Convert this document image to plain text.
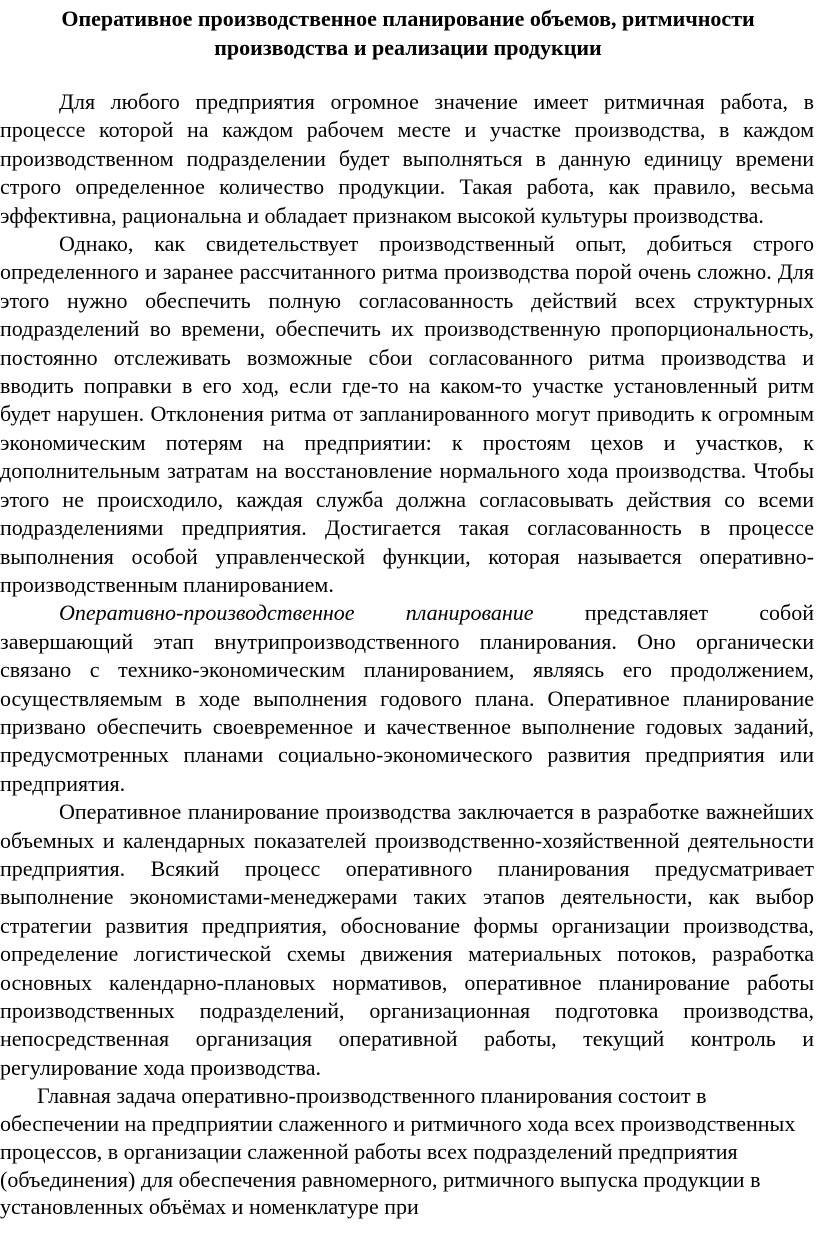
Оперативное производственное планирование объемов, ритмичности производства и реализации продукции

Для любого предприятия огромное значение имеет ритмичная работа, в процессе которой на каждом рабочем месте и участке производства, в каждом производственном подразделении будет выполняться в данную единицу времени строго определенное количество продукции. Такая работа, как правило, весьма эффективна, рациональна и обладает признаком высокой культуры производства.

Однако, как свидетельствует производственный опыт, добиться строго определенного и заранее рассчитанного ритма производства порой очень сложно. Для этого нужно обеспечить полную согласованность действий всех структурных подразделений во времени, обеспечить их производственную пропорциональность, постоянно отслеживать возможные сбои согласованного ритма производства и вводить поправки в его ход, если где-то на каком-то участке установленный ритм будет нарушен. Отклонения ритма от запланированного могут приводить к огромным экономическим потерям на предприятии: к простоям цехов и участков, к дополнительным затратам на восстановление нормального хода производства. Чтобы этого не происходило, каждая служба должна согласовывать действия со всеми подразделениями предприятия. Достигается такая согласованность в процессе выполнения особой управленческой функции, которая называется оперативно-производственным планированием.

Оперативно-производственное планирование представляет собой завершающий этап внутрипроизводственного планирования. Оно органически связано с технико-экономическим планированием, являясь его продолжением, осуществляемым в ходе выполнения годового плана. Оперативное планирование призвано обеспечить своевременное и качественное выполнение годовых заданий, предусмотренных планами социально-экономического развития предприятия или предприятия.

Оперативное планирование производства заключается в разработке важнейших объемных и календарных показателей производственно-хозяйственной деятельности предприятия. Всякий процесс оперативного планирования предусматривает выполнение экономистами-менеджерами таких этапов деятельности, как выбор стратегии развития предприятия, обоснование формы организации производства, определение логистической схемы движения материальных потоков, разработка основных календарно-плановых нормативов, оперативное планирование работы производственных подразделений, организационная подготовка производства, непосредственная организация оперативной работы, текущий контроль и регулирование хода производства.

Главная задача оперативно-производственного планирования состоит в обеспечении на предприятии слаженного и ритмичного хода всех производственных процессов, в организации слаженной работы всех подразделений предприятия (объединения) для обеспечения равномерного, ритмичного выпуска продукции в установленных объёмах и номенклатуре при
